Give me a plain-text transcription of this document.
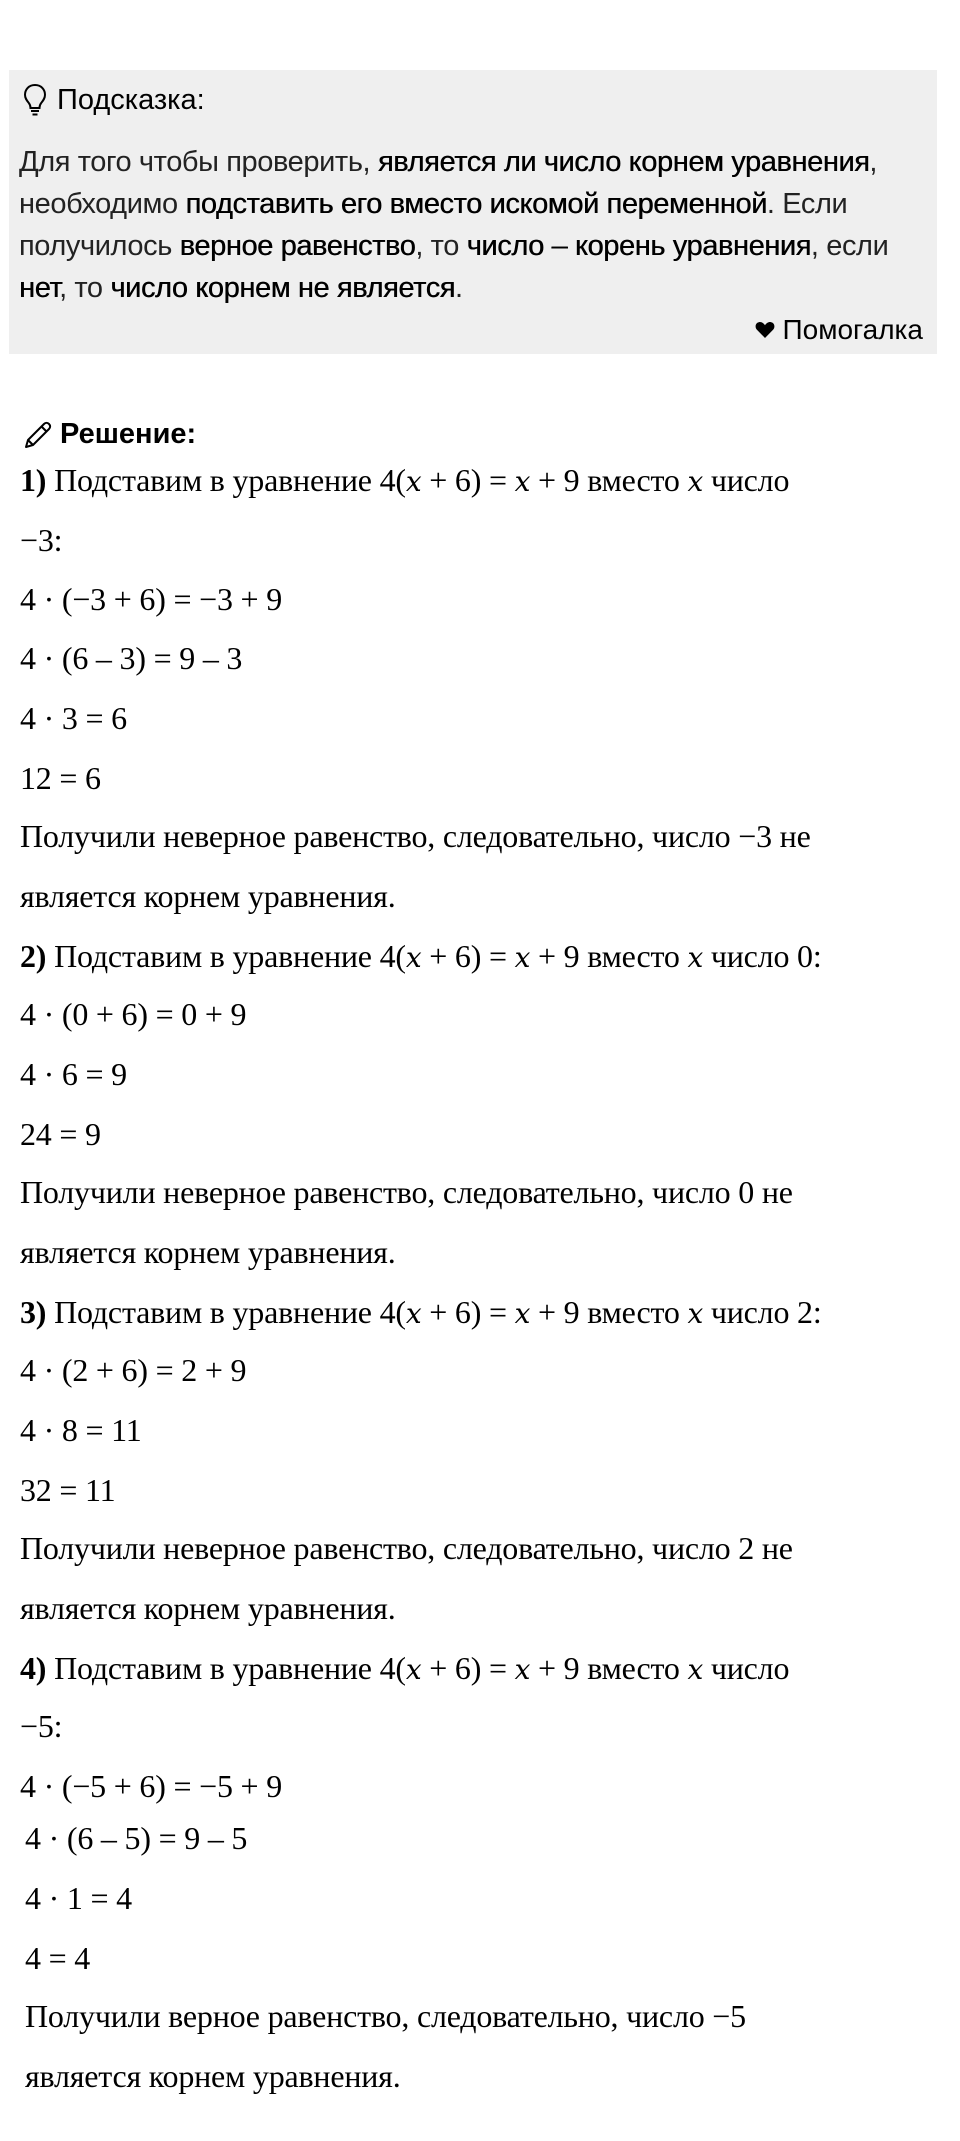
Подсказка:
Для того чтобы проверить, является ли число корнем уравнения, необходимо подставить его вместо искомой переменной. Если получилось верное равенство, то число – корень уравнения, если нет, то число корнем не является.
Помогалка
Решение:
1) Подставим в уравнение 4(x + 6) = x + 9 вместо x число
−3:
4 · (−3 + 6) = −3 + 9
4 · (6 – 3) = 9 – 3
4 · 3 = 6
12 = 6
Получили неверное равенство, следовательно, число −3 не
является корнем уравнения.
2) Подставим в уравнение 4(x + 6) = x + 9 вместо x число 0:
4 · (0 + 6) = 0 + 9
4 · 6 = 9
24 = 9
Получили неверное равенство, следовательно, число 0 не
является корнем уравнения.
3) Подставим в уравнение 4(x + 6) = x + 9 вместо x число 2:
4 · (2 + 6) = 2 + 9
4 · 8 = 11
32 = 11
Получили неверное равенство, следовательно, число 2 не
является корнем уравнения.
4) Подставим в уравнение 4(x + 6) = x + 9 вместо x число
−5:
4 · (−5 + 6) = −5 + 9
4 · (6 – 5) = 9 – 5
4 · 1 = 4
4 = 4
Получили верное равенство, следовательно, число −5
является корнем уравнения.
